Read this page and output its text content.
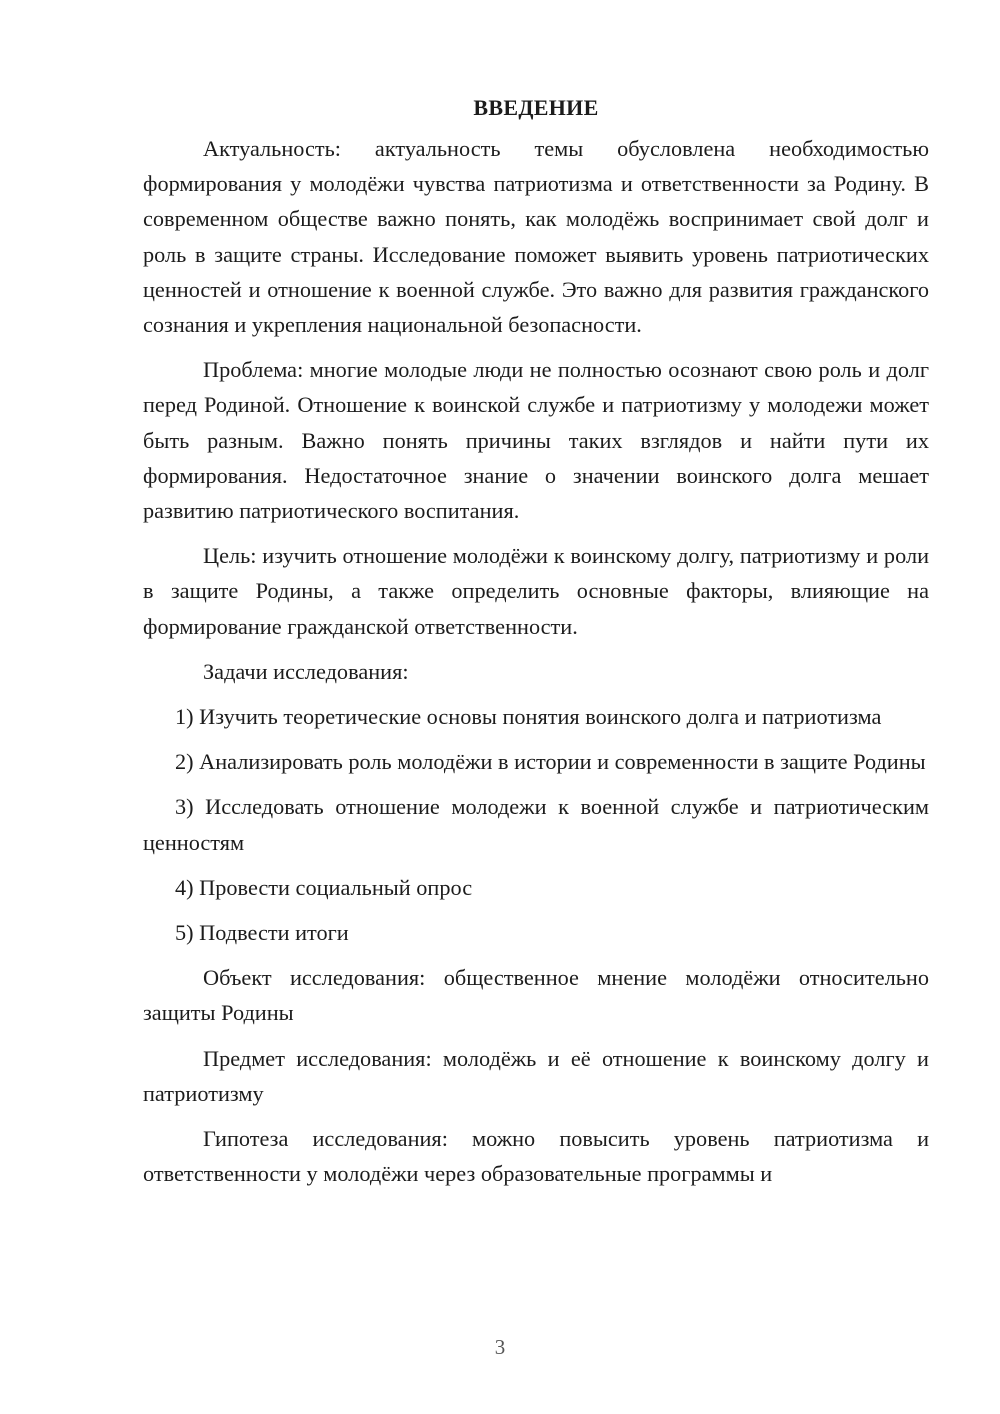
ВВЕДЕНИЕ

Актуальность: актуальность темы обусловлена необходимостью формирования у молодёжи чувства патриотизма и ответственности за Родину. В современном обществе важно понять, как молодёжь воспринимает свой долг и роль в защите страны. Исследование поможет выявить уровень патриотических ценностей и отношение к военной службе. Это важно для развития гражданского сознания и укрепления национальной безопасности.

Проблема: многие молодые люди не полностью осознают свою роль и долг перед Родиной. Отношение к воинской службе и патриотизму у молодежи может быть разным. Важно понять причины таких взглядов и найти пути их формирования. Недостаточное знание о значении воинского долга мешает развитию патриотического воспитания.

Цель: изучить отношение молодёжи к воинскому долгу, патриотизму и роли в защите Родины, а также определить основные факторы, влияющие на формирование гражданской ответственности.

Задачи исследования:

1) Изучить теоретические основы понятия воинского долга и патриотизма

2) Анализировать роль молодёжи в истории и современности в защите Родины

3) Исследовать отношение молодежи к военной службе и патриотическим ценностям

4) Провести социальный опрос

5) Подвести итоги

Объект исследования: общественное мнение молодёжи относительно защиты Родины

Предмет исследования: молодёжь и её отношение к воинскому долгу и патриотизму

Гипотеза исследования: можно повысить уровень патриотизма и ответственности у молодёжи через образовательные программы и

3
